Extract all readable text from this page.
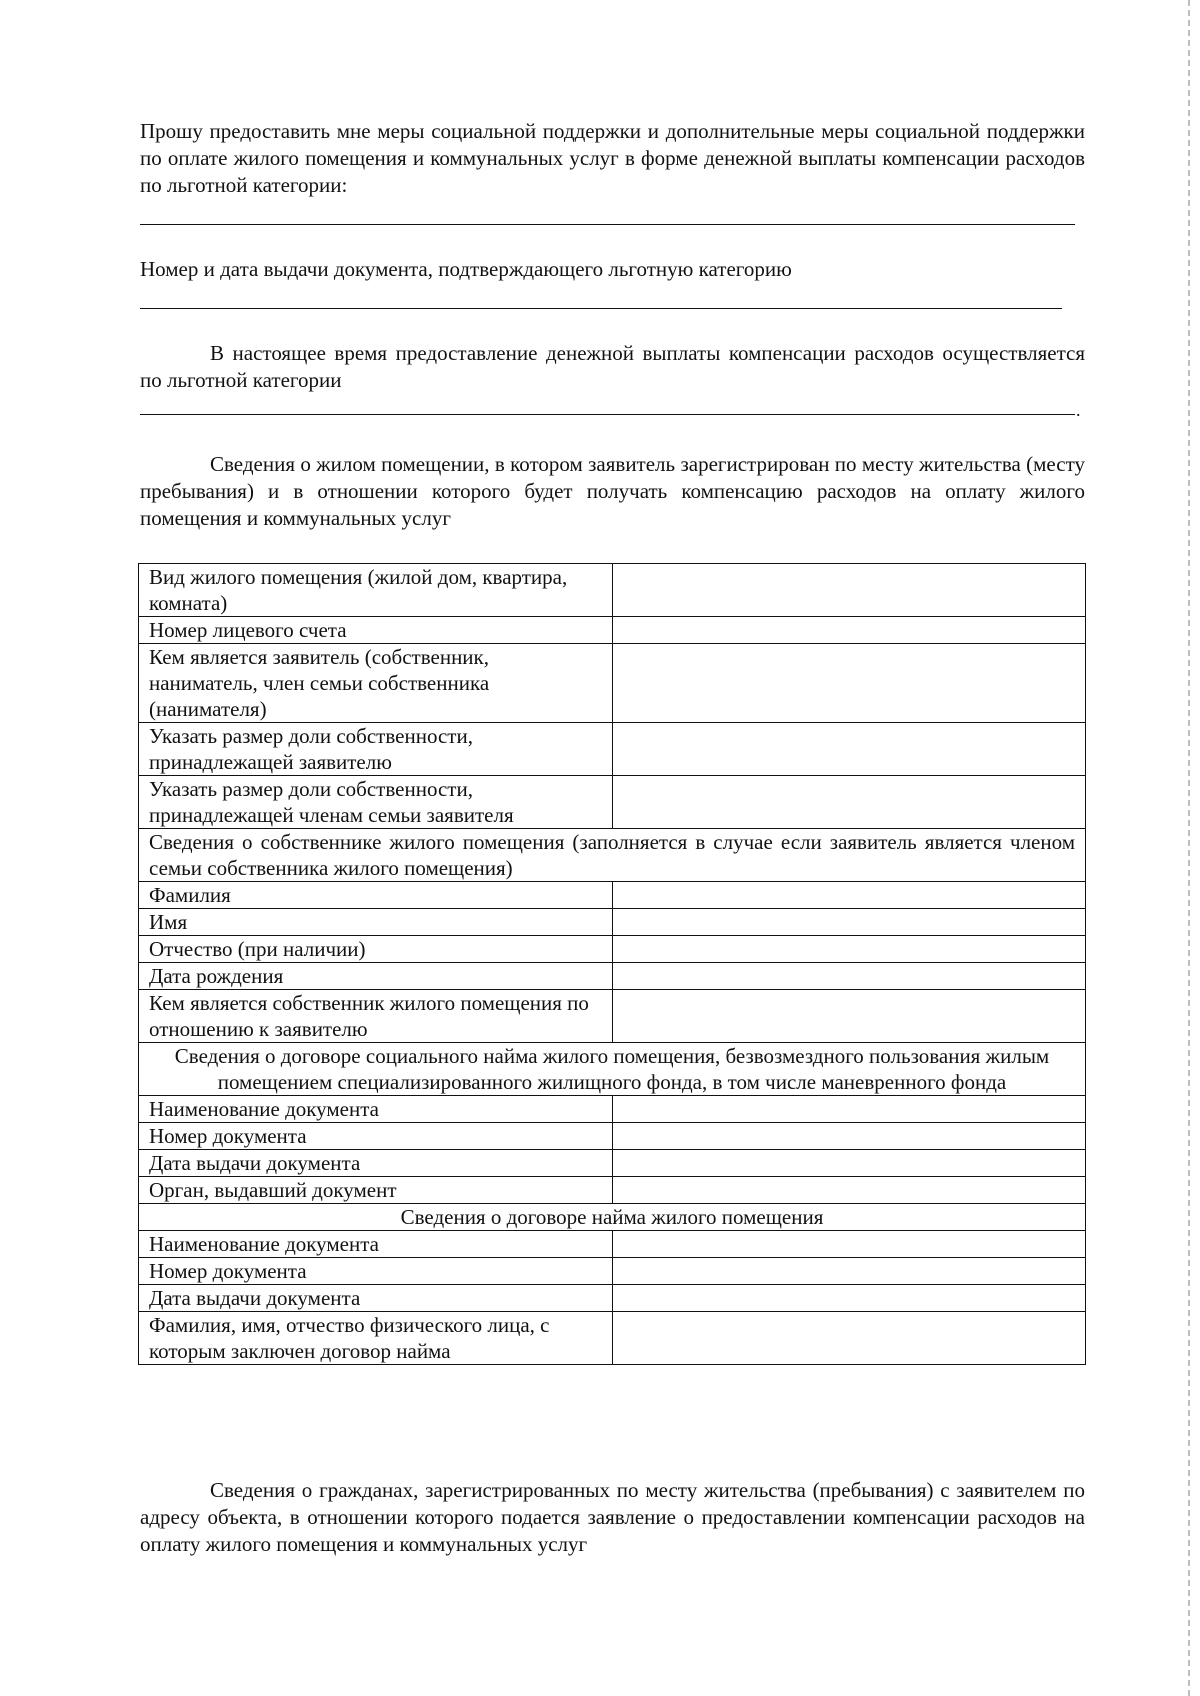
Прошу предоставить мне меры социальной поддержки и дополнительные меры социальной поддержки по оплате жилого помещения и коммунальных услуг в форме денежной выплаты компенсации расходов по льготной категории:

Номер и дата выдачи документа, подтверждающего льготную категорию

В настоящее время предоставление денежной выплаты компенсации расходов осуществляется по льготной категории

.

Сведения о жилом помещении, в котором заявитель зарегистрирован по месту жительства (месту пребывания) и в отношении которого будет получать компенсацию расходов на оплату жилого помещения и коммунальных услуг

Вид жилого помещения (жилой дом, квартира, комната)	
Номер лицевого счета	
Кем является заявитель (собственник, наниматель, член семьи собственника (нанимателя)	
Указать размер доли собственности, принадлежащей заявителю	
Указать размер доли собственности, принадлежащей членам семьи заявителя	
Сведения о собственнике жилого помещения (заполняется в случае если заявитель является членом семьи собственника жилого помещения)	
Фамилия	
Имя	
Отчество (при наличии)	
Дата рождения	
Кем является собственник жилого помещения по отношению к заявителю	
Сведения о договоре социального найма жилого помещения, безвозмездного пользования жилым помещением специализированного жилищного фонда, в том числе маневренного фонда	
Наименование документа	
Номер документа	
Дата выдачи документа	
Орган, выдавший документ	
Сведения о договоре найма жилого помещения	
Наименование документа	
Номер документа	
Дата выдачи документа	
Фамилия, имя, отчество физического лица, с которым заключен договор найма	

Сведения о гражданах, зарегистрированных по месту жительства (пребывания) с заявителем по адресу объекта, в отношении которого подается заявление о предоставлении компенсации расходов на оплату жилого помещения и коммунальных услуг
